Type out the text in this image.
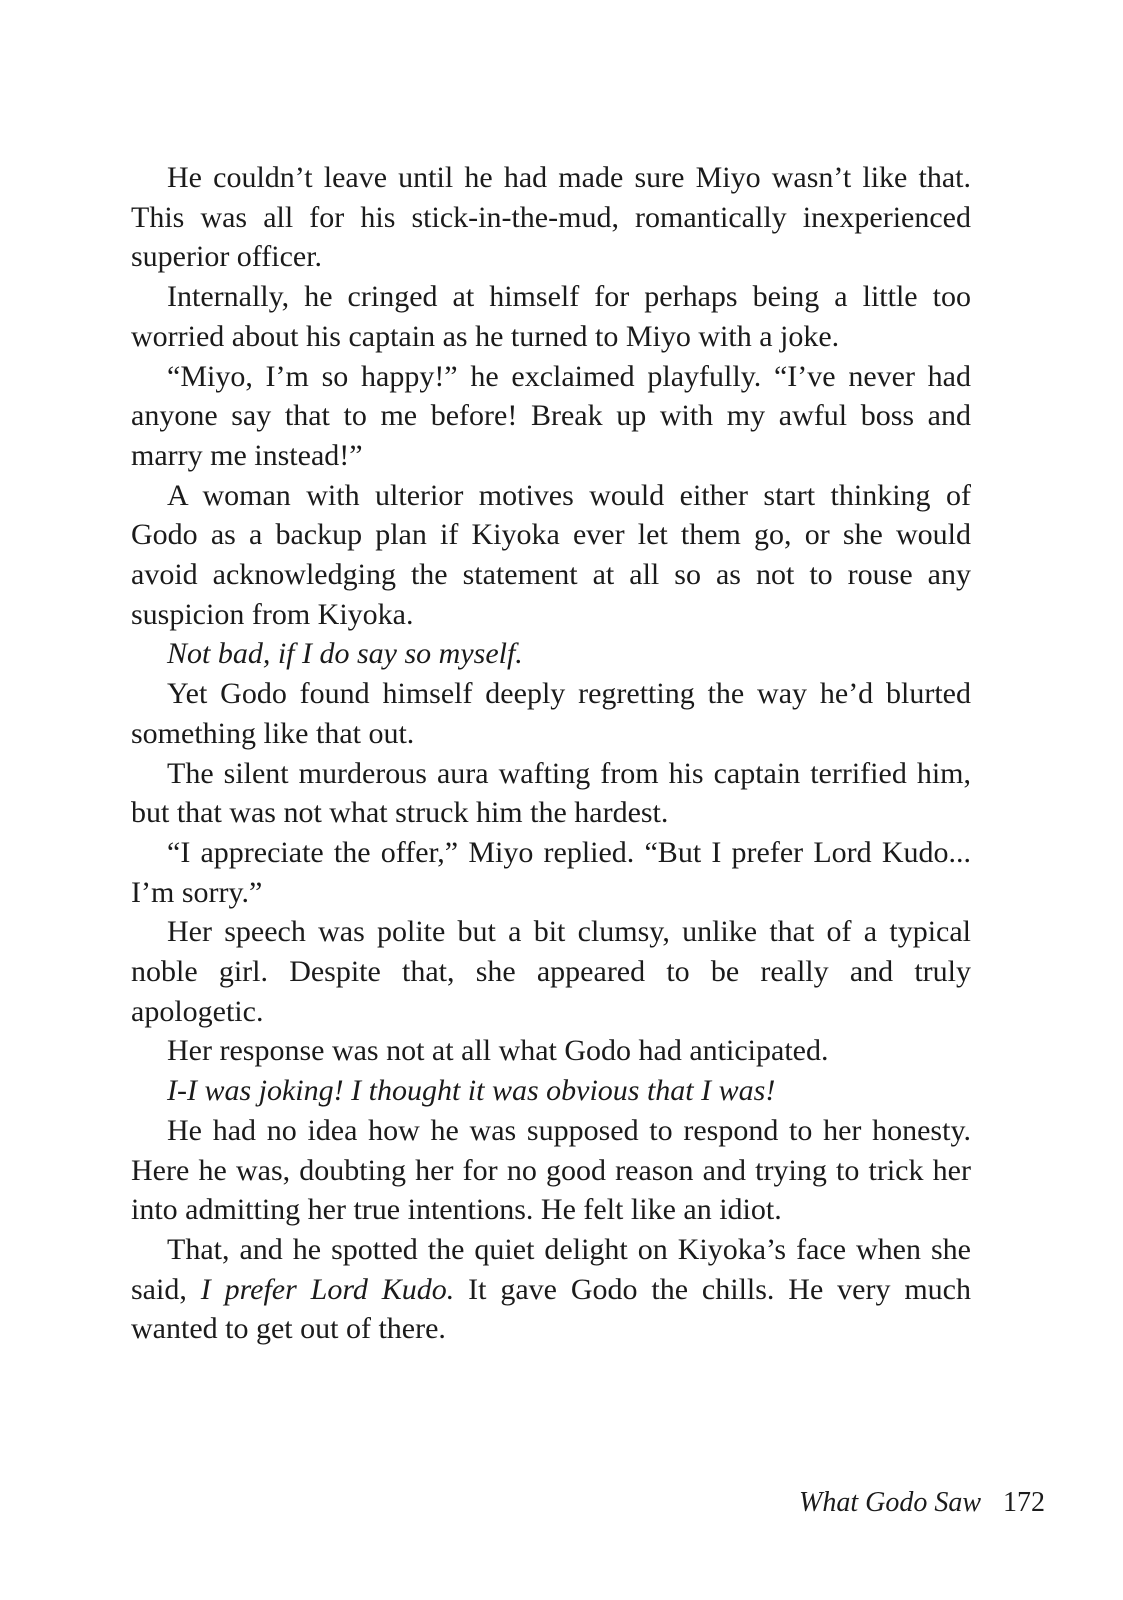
He couldn’t leave until he had made sure Miyo wasn’t like that. This was all for his stick-in-the-mud, romantically inexperienced superior officer.

Internally, he cringed at himself for perhaps being a little too worried about his captain as he turned to Miyo with a joke.

“Miyo, I’m so happy!” he exclaimed playfully. “I’ve never had anyone say that to me before! Break up with my awful boss and marry me instead!”

A woman with ulterior motives would either start thinking of Godo as a backup plan if Kiyoka ever let them go, or she would avoid acknowledging the statement at all so as not to rouse any suspicion from Kiyoka.

Not bad, if I do say so myself.

Yet Godo found himself deeply regretting the way he’d blurted something like that out.

The silent murderous aura wafting from his captain terrified him, but that was not what struck him the hardest.

“I appreciate the offer,” Miyo replied. “But I prefer Lord Kudo... I’m sorry.”

Her speech was polite but a bit clumsy, unlike that of a typical noble girl. Despite that, she appeared to be really and truly apologetic.

Her response was not at all what Godo had anticipated.

I-I was joking! I thought it was obvious that I was!

He had no idea how he was supposed to respond to her honesty. Here he was, doubting her for no good reason and trying to trick her into admitting her true intentions. He felt like an idiot.

That, and he spotted the quiet delight on Kiyoka’s face when she said, I prefer Lord Kudo. It gave Godo the chills. He very much wanted to get out of there.

What Godo Saw 172
